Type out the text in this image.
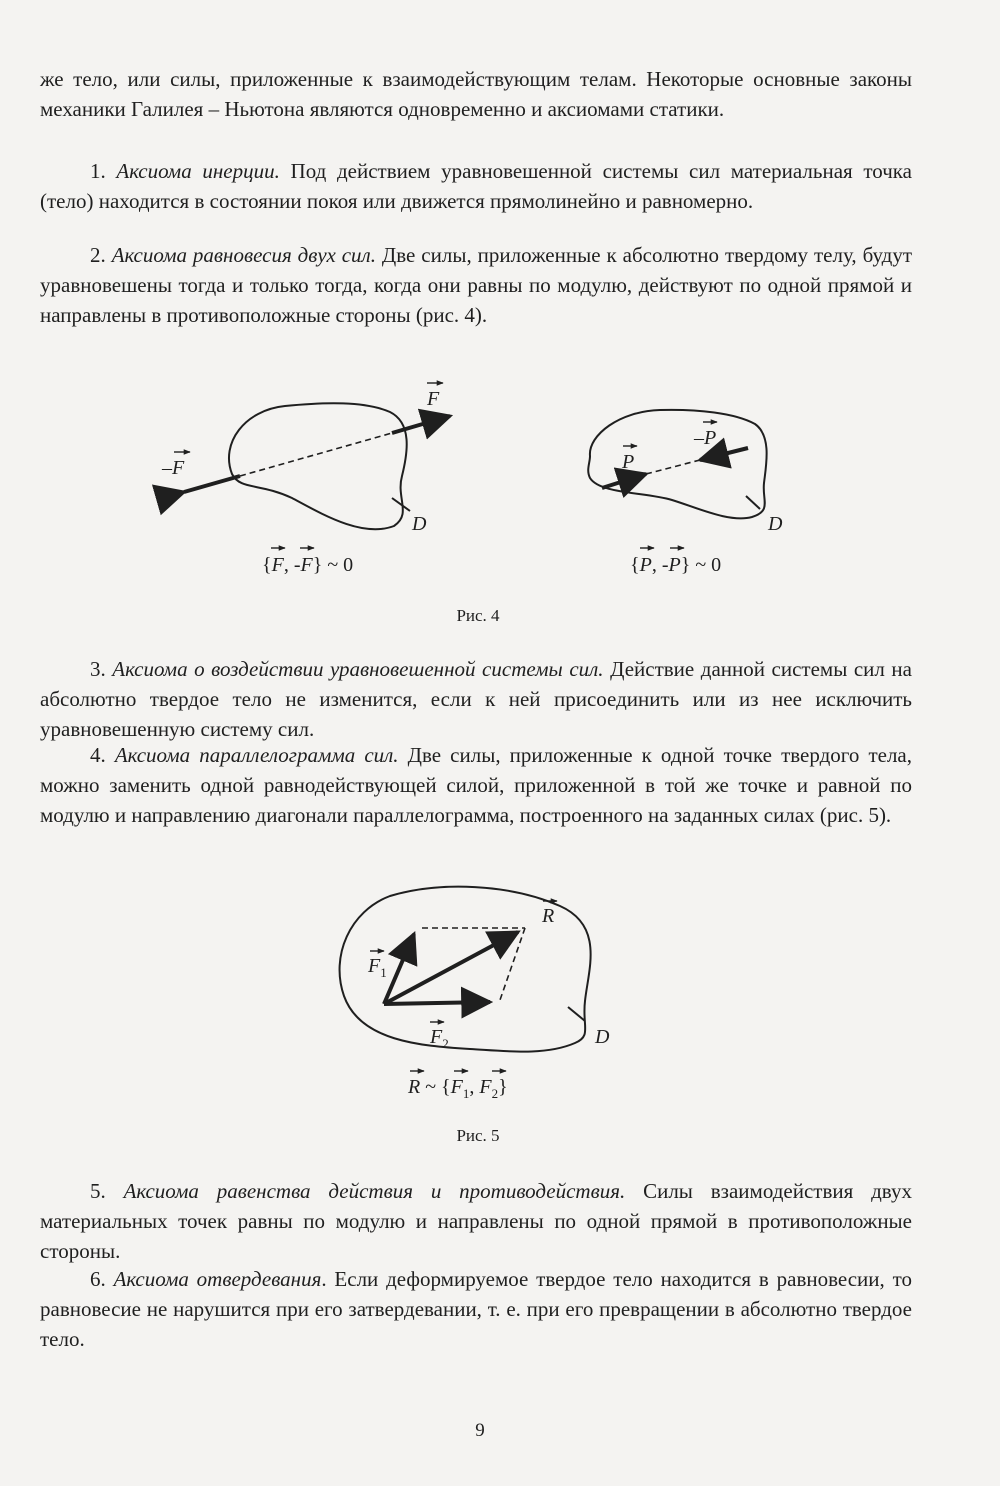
же тело, или силы, приложенные к взаимодействующим телам. Некоторые основные законы механики Галилея – Ньютона являются одновременно и аксиомами статики.

1. Аксиома инерции. Под действием уравновешенной системы сил материальная точка (тело) находится в состоянии покоя или движется прямолинейно и равномерно.

2. Аксиома равновесия двух сил. Две силы, приложенные к абсолютно твердому телу, будут уравновешены тогда и только тогда, когда они равны по модулю, действуют по одной прямой и направлены в противоположные стороны (рис. 4).

F
–F
D
{F, -F} ~ 0
P
–P
D
{P, -P} ~ 0
Рис. 4

3. Аксиома о воздействии уравновешенной системы сил. Действие данной системы сил на абсолютно твердое тело не изменится, если к ней присоединить или из нее исключить уравновешенную систему сил.

4. Аксиома параллелограмма сил. Две силы, приложенные к одной точке твердого тела, можно заменить одной равнодействующей силой, приложенной в той же точке и равной по модулю и направлению диагонали параллелограмма, построенного на заданных силах (рис. 5).

R
$F_1$
$F_2$	D
R ~ {$F_1$, $F_2$}
Рис. 5

5. Аксиома равенства действия и противодействия. Силы взаимодействия двух материальных точек равны по модулю и направлены по одной прямой в противоположные стороны.

6. Аксиома отвердевания. Если деформируемое твердое тело находится в равновесии, то равновесие не нарушится при его затвердевании, т. е. при его превращении в абсолютно твердое тело.

9
